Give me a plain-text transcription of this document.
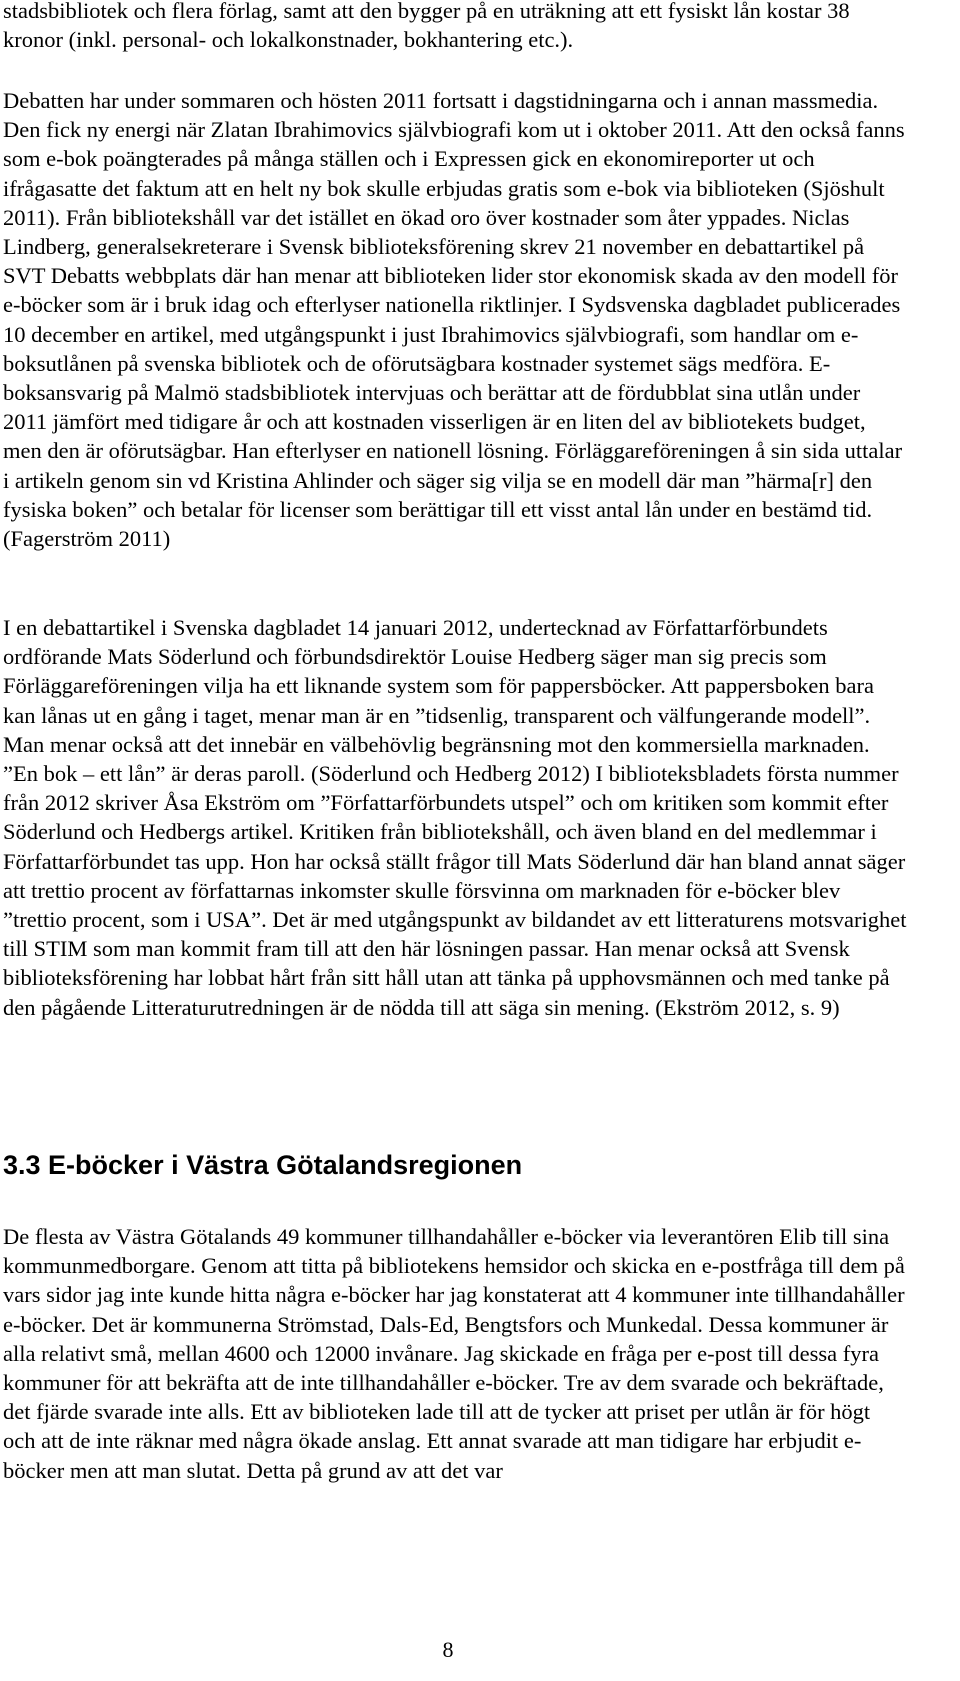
stadsbibliotek och flera förlag, samt att den bygger på en uträkning att ett fysiskt lån kostar 38 kronor (inkl. personal- och lokalkonstnader, bokhantering etc.).

Debatten har under sommaren och hösten 2011 fortsatt i dagstidningarna och i annan massmedia. Den fick ny energi när Zlatan Ibrahimovics självbiografi kom ut i oktober 2011. Att den också fanns som e-bok poängterades på många ställen och i Expressen gick en ekonomireporter ut och ifrågasatte det faktum att en helt ny bok skulle erbjudas gratis som e-bok via biblioteken (Sjöshult 2011). Från bibliotekshåll var det istället en ökad oro över kostnader som åter yppades. Niclas Lindberg, generalsekreterare i Svensk biblioteksförening skrev 21 november en debattartikel på SVT Debatts webbplats där han menar att biblioteken lider stor ekonomisk skada av den modell för e-böcker som är i bruk idag och efterlyser nationella riktlinjer. I Sydsvenska dagbladet publicerades 10 december en artikel, med utgångspunkt i just Ibrahimovics självbiografi, som handlar om e-boksutlånen på svenska bibliotek och de oförutsägbara kostnader systemet sägs medföra. E-boksansvarig på Malmö stadsbibliotek intervjuas och berättar att de fördubblat sina utlån under 2011 jämfört med tidigare år och att kostnaden visserligen är en liten del av bibliotekets budget, men den är oförutsägbar. Han efterlyser en nationell lösning. Förläggareföreningen å sin sida uttalar i artikeln genom sin vd Kristina Ahlinder och säger sig vilja se en modell där man ”härma[r] den fysiska boken” och betalar för licenser som berättigar till ett visst antal lån under en bestämd tid. (Fagerström 2011)

I en debattartikel i Svenska dagbladet 14 januari 2012, undertecknad av Författarförbundets ordförande Mats Söderlund och förbundsdirektör Louise Hedberg säger man sig precis som Förläggareföreningen vilja ha ett liknande system som för pappersböcker. Att pappersboken bara kan lånas ut en gång i taget, menar man är en ”tidsenlig, transparent och välfungerande modell”. Man menar också att det innebär en välbehövlig begränsning mot den kommersiella marknaden. ”En bok – ett lån” är deras paroll. (Söderlund och Hedberg 2012) I biblioteksbladets första nummer från 2012 skriver Åsa Ekström om ”Författarförbundets utspel” och om kritiken som kommit efter Söderlund och Hedbergs artikel. Kritiken från bibliotekshåll, och även bland en del medlemmar i Författarförbundet tas upp. Hon har också ställt frågor till Mats Söderlund där han bland annat säger att trettio procent av författarnas inkomster skulle försvinna om marknaden för e-böcker blev ”trettio procent, som i USA”. Det är med utgångspunkt av bildandet av ett litteraturens motsvarighet till STIM som man kommit fram till att den här lösningen passar. Han menar också att Svensk biblioteksförening har lobbat hårt från sitt håll utan att tänka på upphovsmännen och med tanke på den pågående Litteraturutredningen är de nödda till att säga sin mening. (Ekström 2012, s. 9)

3.3 E-böcker i Västra Götalandsregionen

De flesta av Västra Götalands 49 kommuner tillhandahåller e-böcker via leverantören Elib till sina kommunmedborgare. Genom att titta på bibliotekens hemsidor och skicka en e-postfråga till dem på vars sidor jag inte kunde hitta några e-böcker har jag konstaterat att 4 kommuner inte tillhandahåller e-böcker. Det är kommunerna Strömstad, Dals-Ed, Bengtsfors och Munkedal. Dessa kommuner är alla relativt små, mellan 4600 och 12000 invånare. Jag skickade en fråga per e-post till dessa fyra kommuner för att bekräfta att de inte tillhandahåller e-böcker. Tre av dem svarade och bekräftade, det fjärde svarade inte alls. Ett av biblioteken lade till att de tycker att priset per utlån är för högt och att de inte räknar med några ökade anslag. Ett annat svarade att man tidigare har erbjudit e-böcker men att man slutat. Detta på grund av att det var

8
